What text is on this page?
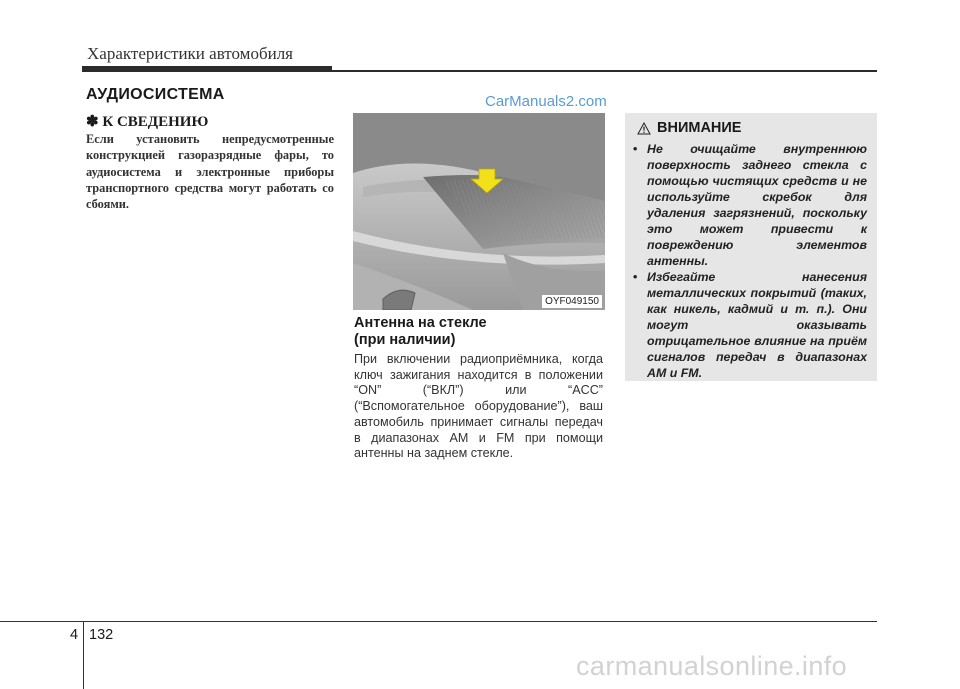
Характеристики автомобиля
АУДИОСИСТЕМА	CarManuals2.com
✽ К СВЕДЕНИЮ
Если установить непредусмотренные конструкцией газоразрядные фары, то аудиосистема и электронные приборы транспортного средства могут работать со сбоями.
OYF049150
Антенна на стекле
(при наличии)
При включении радиоприёмника, когда ключ зажигания находится в положении “ON” (“ВКЛ”) или “ACC” (“Вспомогательное оборудование”), ваш автомобиль принимает сигналы передач в диапазонах AM и FM при помощи антенны на заднем стекле.
ВНИМАНИЕ
• Не очищайте внутреннюю поверхность заднего стекла с помощью чистящих средств и не используйте скребок для удаления загрязнений, поскольку это может привести к повреждению элементов антенны.
• Избегайте нанесения металлических покрытий (таких, как никель, кадмий и т. п.). Они могут оказывать отрицательное влияние на приём сигналов передач в диапазонах AM и FM.
4 132
carmanualsonline.info
